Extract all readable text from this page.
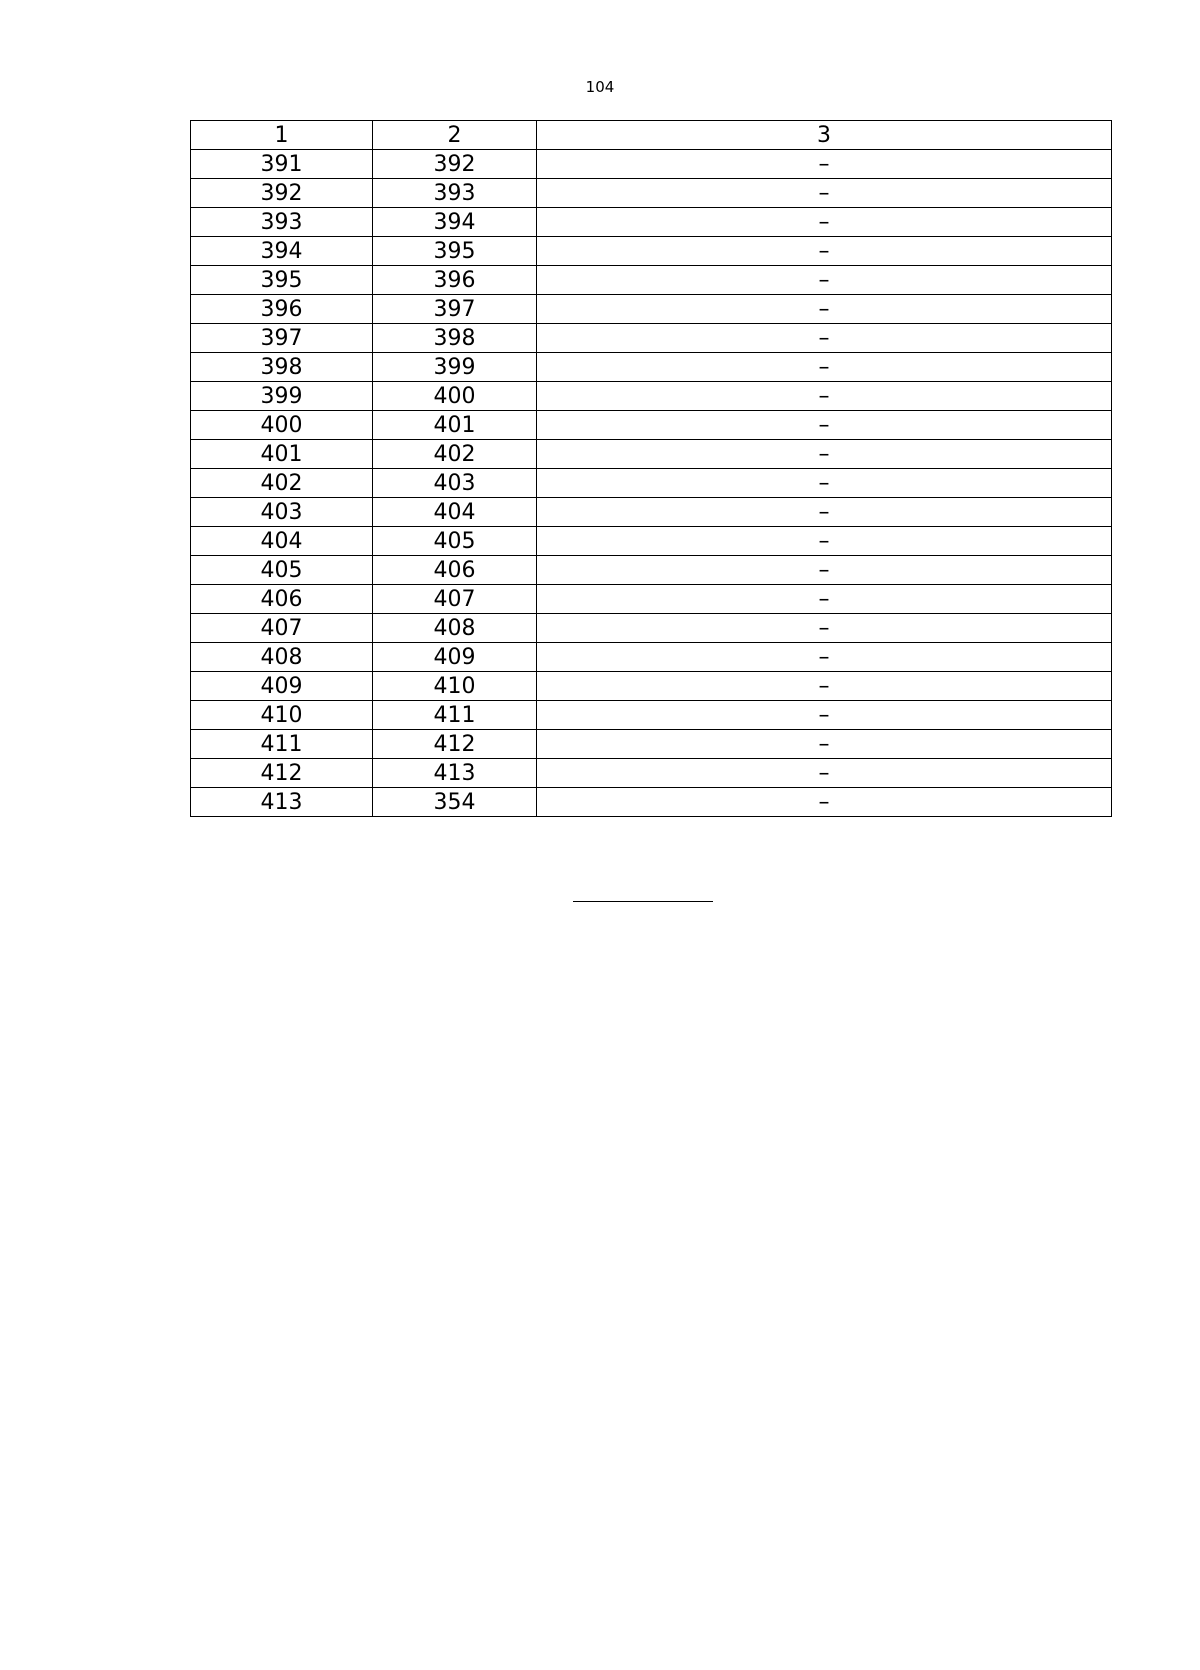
104
1	2	3
391	392	–
392	393	–
393	394	–
394	395	–
395	396	–
396	397	–
397	398	–
398	399	–
399	400	–
400	401	–
401	402	–
402	403	–
403	404	–
404	405	–
405	406	–
406	407	–
407	408	–
408	409	–
409	410	–
410	411	–
411	412	–
412	413	–
413	354	–
